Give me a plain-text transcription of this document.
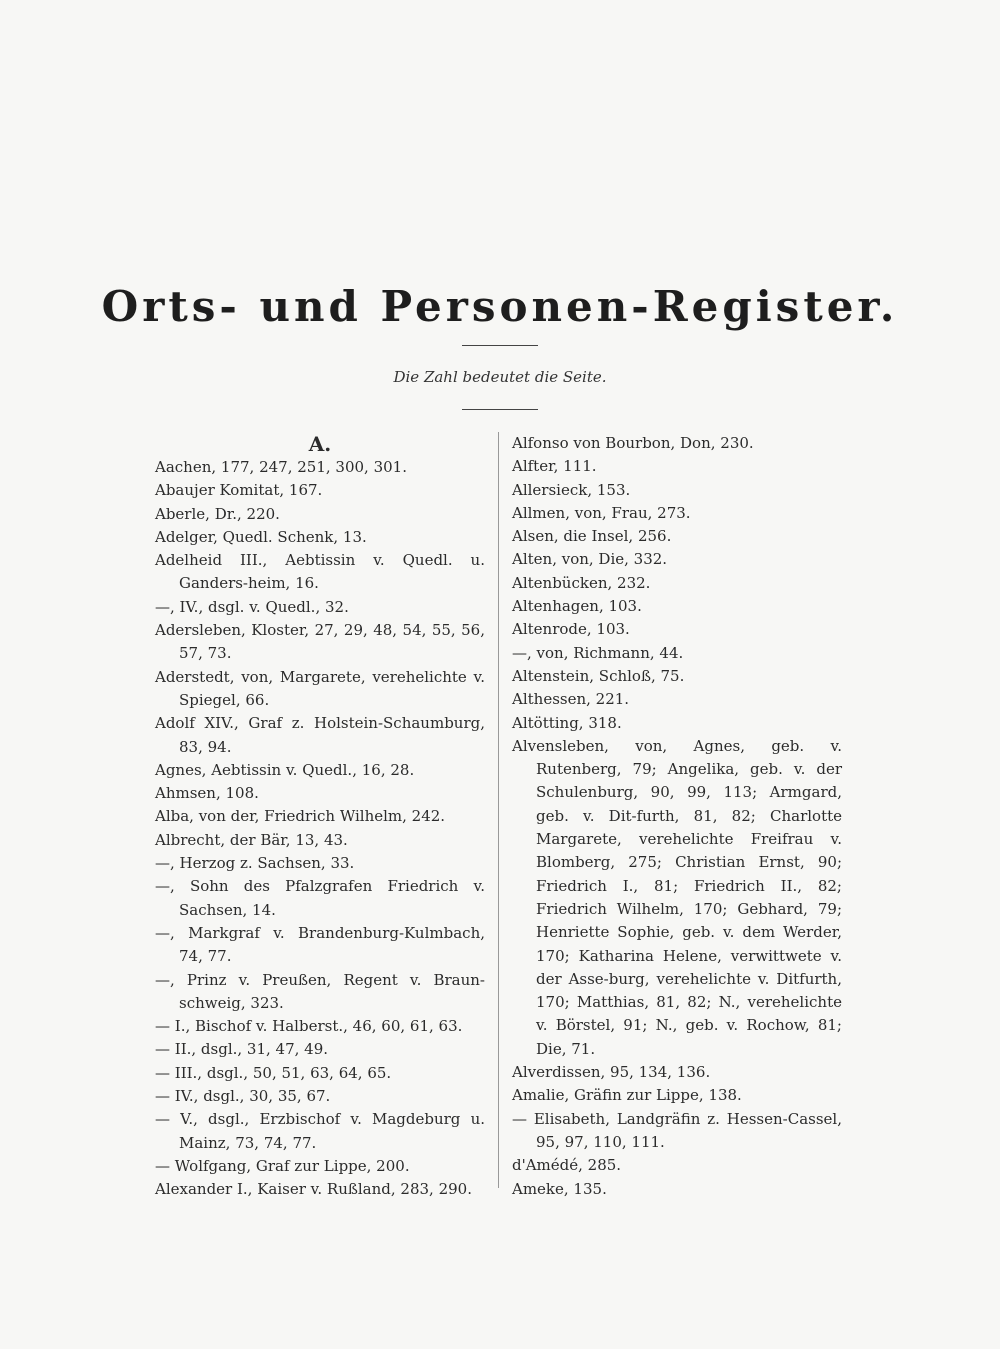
Orts- und Personen-Register.
Die Zahl bedeutet die Seite.
A.
Aachen, 177, 247, 251, 300, 301.
Abaujer Komitat, 167.
Aberle, Dr., 220.
Adelger, Quedl. Schenk, 13.
Adelheid III., Aebtissin v. Quedl. u. Ganders-heim, 16.
—, IV., dsgl. v. Quedl., 32.
Adersleben, Kloster, 27, 29, 48, 54, 55, 56, 57, 73.
Aderstedt, von, Margarete, verehelichte v. Spiegel, 66.
Adolf XIV., Graf z. Holstein-Schaumburg, 83, 94.
Agnes, Aebtissin v. Quedl., 16, 28.
Ahmsen, 108.
Alba, von der, Friedrich Wilhelm, 242.
Albrecht, der Bär, 13, 43.
—, Herzog z. Sachsen, 33.
—, Sohn des Pfalzgrafen Friedrich v. Sachsen, 14.
—, Markgraf v. Brandenburg-Kulmbach, 74, 77.
—, Prinz v. Preußen, Regent v. Braun-schweig, 323.
— I., Bischof v. Halberst., 46, 60, 61, 63.
— II., dsgl., 31, 47, 49.
— III., dsgl., 50, 51, 63, 64, 65.
— IV., dsgl., 30, 35, 67.
— V., dsgl., Erzbischof v. Magdeburg u. Mainz, 73, 74, 77.
— Wolfgang, Graf zur Lippe, 200.
Alexander I., Kaiser v. Rußland, 283, 290.
Alfonso von Bourbon, Don, 230.
Alfter, 111.
Allersieck, 153.
Allmen, von, Frau, 273.
Alsen, die Insel, 256.
Alten, von, Die, 332.
Altenbücken, 232.
Altenhagen, 103.
Altenrode, 103.
—, von, Richmann, 44.
Altenstein, Schloß, 75.
Althessen, 221.
Altötting, 318.
Alvensleben, von, Agnes, geb. v. Rutenberg, 79; Angelika, geb. v. der Schulenburg, 90, 99, 113; Armgard, geb. v. Dit-furth, 81, 82; Charlotte Margarete, verehelichte Freifrau v. Blomberg, 275; Christian Ernst, 90; Friedrich I., 81; Friedrich II., 82; Friedrich Wilhelm, 170; Gebhard, 79; Henriette Sophie, geb. v. dem Werder, 170; Katharina Helene, verwittwete v. der Asse-burg, verehelichte v. Ditfurth, 170; Matthias, 81, 82; N., verehelichte v. Börstel, 91; N., geb. v. Rochow, 81; Die, 71.
Alverdissen, 95, 134, 136.
Amalie, Gräfin zur Lippe, 138.
— Elisabeth, Landgräfin z. Hessen-Cassel, 95, 97, 110, 111.
d'Amédé, 285.
Ameke, 135.
